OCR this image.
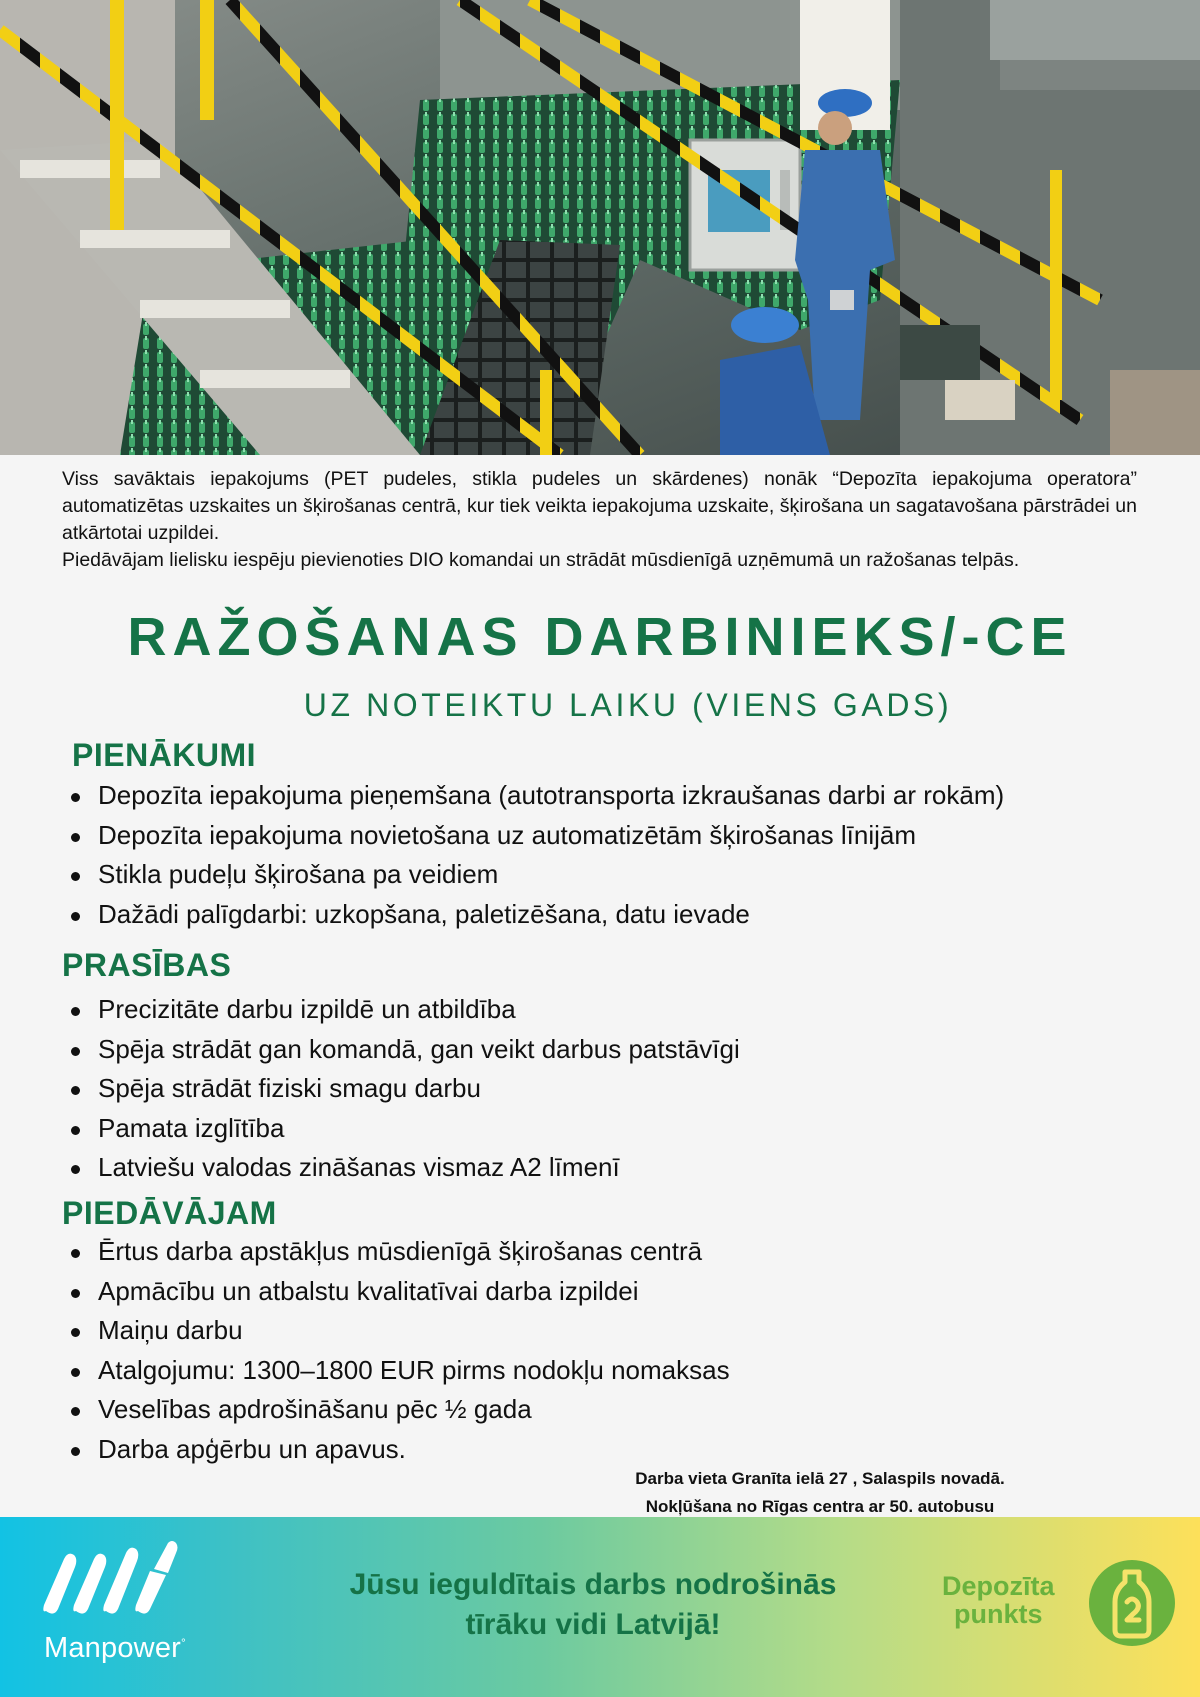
Viss savāktais iepakojums (PET pudeles, stikla pudeles un skārdenes) nonāk “Depozīta iepakojuma operatora” automatizētas uzskaites un šķirošanas centrā, kur tiek veikta iepakojuma uzskaite, šķirošana un sagatavošana pārstrādei un atkārtotai uzpildei.

Piedāvājam lielisku iespēju pievienoties DIO komandai un strādāt mūsdienīgā uzņēmumā un ražošanas telpās.

RAŽOŠANAS DARBINIEKS/-CE
UZ NOTEIKTU LAIKU (VIENS GADS)
PIENĀKUMI
Depozīta iepakojuma pieņemšana (autotransporta izkraušanas darbi ar rokām)
Depozīta iepakojuma novietošana uz automatizētām šķirošanas līnijām
Stikla pudeļu šķirošana pa veidiem
Dažādi palīgdarbi: uzkopšana, paletizēšana, datu ievade
PRASĪBAS
Precizitāte darbu izpildē un atbildība
Spēja strādāt gan komandā, gan veikt darbus patstāvīgi
Spēja strādāt fiziski smagu darbu
Pamata izglītība
Latviešu valodas zināšanas vismaz A2 līmenī
PIEDĀVĀJAM
Ērtus darba apstākļus mūsdienīgā šķirošanas centrā
Apmācību un atbalstu kvalitatīvai darba izpildei
Maiņu darbu
Atalgojumu: 1300–1800 EUR pirms nodokļu nomaksas
Veselības apdrošināšanu pēc ½ gada
Darba apģērbu un apavus.
Darba vieta Granīta ielā 27 , Salaspils novadā.
Nokļūšana no Rīgas centra ar 50. autobusu
Manpower°
Jūsu ieguldītais darbs nodrošinās
tīrāku vidi Latvijā!
Depozīta
punkts
